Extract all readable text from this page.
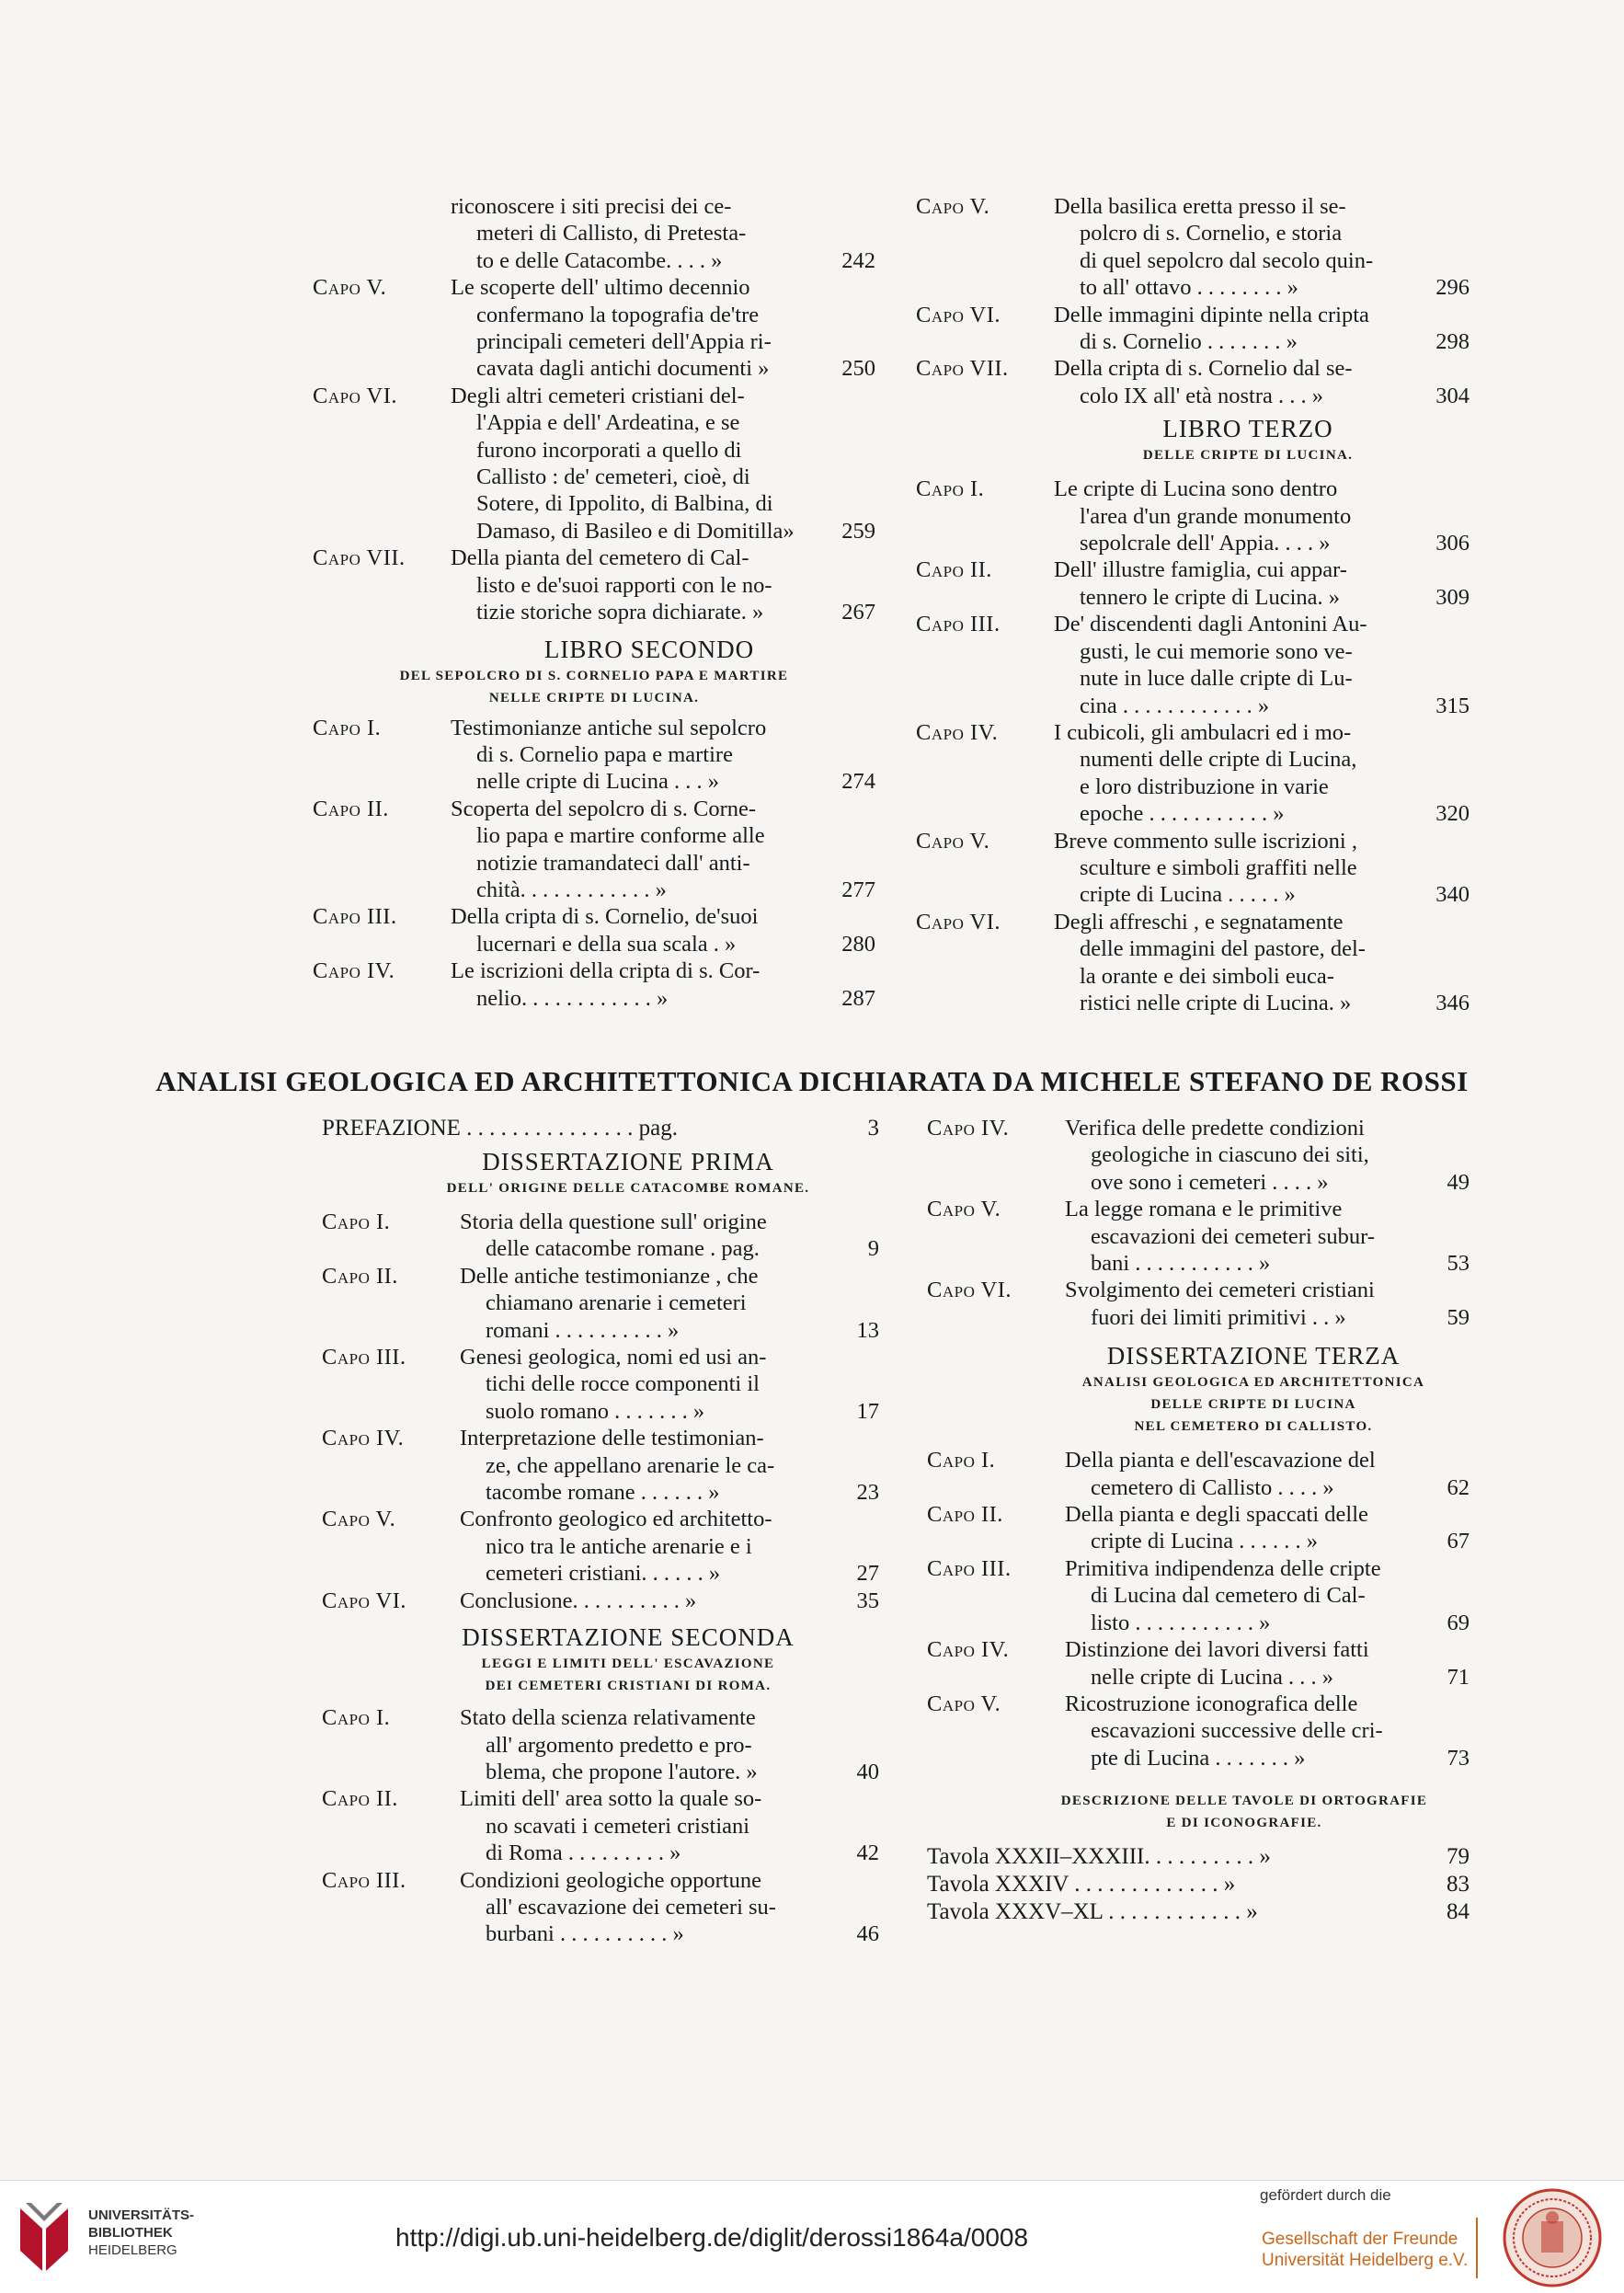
riconoscere i siti precisi dei ce-
meteri di Callisto, di Pretesta-
to e delle Catacombe. . . . »	242
Capo V.	Le scoperte dell' ultimo decennio
confermano la topografia de'tre
principali cemeteri dell'Appia ri-
cavata dagli antichi documenti »	250
Capo VI. Degli altri cemeteri cristiani del-
l'Appia e dell' Ardeatina, e se
furono incorporati a quello di
Callisto : de' cemeteri, cioè, di
Sotere, di Ippolito, di Balbina, di
Damaso, di Basileo e di Domitilla»	259
Capo VII. Della pianta del cemetero di Cal-
listo e de'suoi rapporti con le no-
tizie storiche sopra dichiarate. »	267
LIBRO SECONDO
DEL SEPOLCRO DI S. CORNELIO PAPA E MARTIRE
NELLE CRIPTE DI LUCINA.
Capo I.	Testimonianze antiche sul sepolcro
di s. Cornelio papa e martire
nelle cripte di Lucina . . . »	274
Capo II.	Scoperta del sepolcro di s. Corne-
lio papa e martire conforme alle
notizie tramandateci dall' anti-
chità. . . . . . . . . . . . »	277
Capo III. Della cripta di s. Cornelio, de'suoi
lucernari e della sua scala . »	280
Capo IV. Le iscrizioni della cripta di s. Cor-
nelio. . . . . . . . . . . . »	287
Capo V.	Della basilica eretta presso il se-
polcro di s. Cornelio, e storia
di quel sepolcro dal secolo quin-
to all' ottavo . . . . . . . . »	296
Capo VI. Delle immagini dipinte nella cripta
di s. Cornelio . . . . . . . »	298
Capo VII. Della cripta di s. Cornelio dal se-
colo IX all' età nostra . . . »	304
LIBRO TERZO
DELLE CRIPTE DI LUCINA.
Capo I.	Le cripte di Lucina sono dentro
l'area d'un grande monumento
sepolcrale dell' Appia. . . . »	306
Capo II.	Dell' illustre famiglia, cui appar-
tennero le cripte di Lucina. »	309
Capo III. De' discendenti dagli Antonini Au-
gusti, le cui memorie sono ve-
nute in luce dalle cripte di Lu-
cina . . . . . . . . . . . . »	315
Capo IV. I cubicoli, gli ambulacri ed i mo-
numenti delle cripte di Lucina,
e loro distribuzione in varie
epoche . . . . . . . . . . . »	320
Capo V.	Breve commento sulle iscrizioni ,
sculture e simboli graffiti nelle
cripte di Lucina . . . . . »	340
Capo VI. Degli affreschi , e segnatamente
delle immagini del pastore, del-
la orante e dei simboli euca-
ristici nelle cripte di Lucina. »	346
ANALISI GEOLOGICA ED ARCHITETTONICA DICHIARATA DA MICHELE STEFANO DE ROSSI
PREFAZIONE . . . . . . . . . . . . . . . pag.	3
DISSERTAZIONE PRIMA
DELL' ORIGINE DELLE CATACOMBE ROMANE.
Capo I.	Storia della questione sull' origine
delle catacombe romane . pag.	9
Capo II.	Delle antiche testimonianze , che
chiamano arenarie i cemeteri
romani . . . . . . . . . . »	13
Capo III. Genesi geologica, nomi ed usi an-
tichi delle rocce componenti il
suolo romano . . . . . . . »	17
Capo IV. Interpretazione delle testimonian-
ze, che appellano arenarie le ca-
tacombe romane . . . . . . »	23
Capo V.	Confronto geologico ed architetto-
nico tra le antiche arenarie e i
cemeteri cristiani. . . . . . »	27
Capo VI. Conclusione. . . . . . . . . . »	35
DISSERTAZIONE SECONDA
LEGGI E LIMITI DELL' ESCAVAZIONE
DEI CEMETERI CRISTIANI DI ROMA.
Capo I.	Stato della scienza relativamente
all' argomento predetto e pro-
blema, che propone l'autore. »	40
Capo II.	Limiti dell' area sotto la quale so-
no scavati i cemeteri cristiani
di Roma . . . . . . . . . »	42
Capo III. Condizioni geologiche opportune
all' escavazione dei cemeteri su-
burbani . . . . . . . . . . »	46
Capo IV. Verifica delle predette condizioni
geologiche in ciascuno dei siti,
ove sono i cemeteri . . . . »	49
Capo V.	La legge romana e le primitive
escavazioni dei cemeteri subur-
bani . . . . . . . . . . . »	53
Capo VI. Svolgimento dei cemeteri cristiani
fuori dei limiti primitivi . . »	59
DISSERTAZIONE TERZA
ANALISI GEOLOGICA ED ARCHITETTONICA
DELLE CRIPTE DI LUCINA
NEL CEMETERO DI CALLISTO.
Capo I.	Della pianta e dell'escavazione del
cemetero di Callisto . . . . »	62
Capo II.	Della pianta e degli spaccati delle
cripte di Lucina . . . . . . »	67
Capo III. Primitiva indipendenza delle cripte
di Lucina dal cemetero di Cal-
listo . . . . . . . . . . . »	69
Capo IV. Distinzione dei lavori diversi fatti
nelle cripte di Lucina . . . »	71
Capo V.	Ricostruzione iconografica delle
escavazioni successive delle cri-
pte di Lucina . . . . . . . »	73
DESCRIZIONE DELLE TAVOLE DI ORTOGRAFIE
E DI ICONOGRAFIE.
Tavola XXXII–XXXIII. . . . . . . . . . »	79
Tavola XXXIV . . . . . . . . . . . . . »	83
Tavola XXXV–XL . . . . . . . . . . . . »	84
UNIVERSITÄTS-
BIBLIOTHEK
HEIDELBERG	http://digi.ub.uni-heidelberg.de/diglit/derossi1864a/0008
gefördert durch die
Gesellschaft der Freunde
Universität Heidelberg e.V.
